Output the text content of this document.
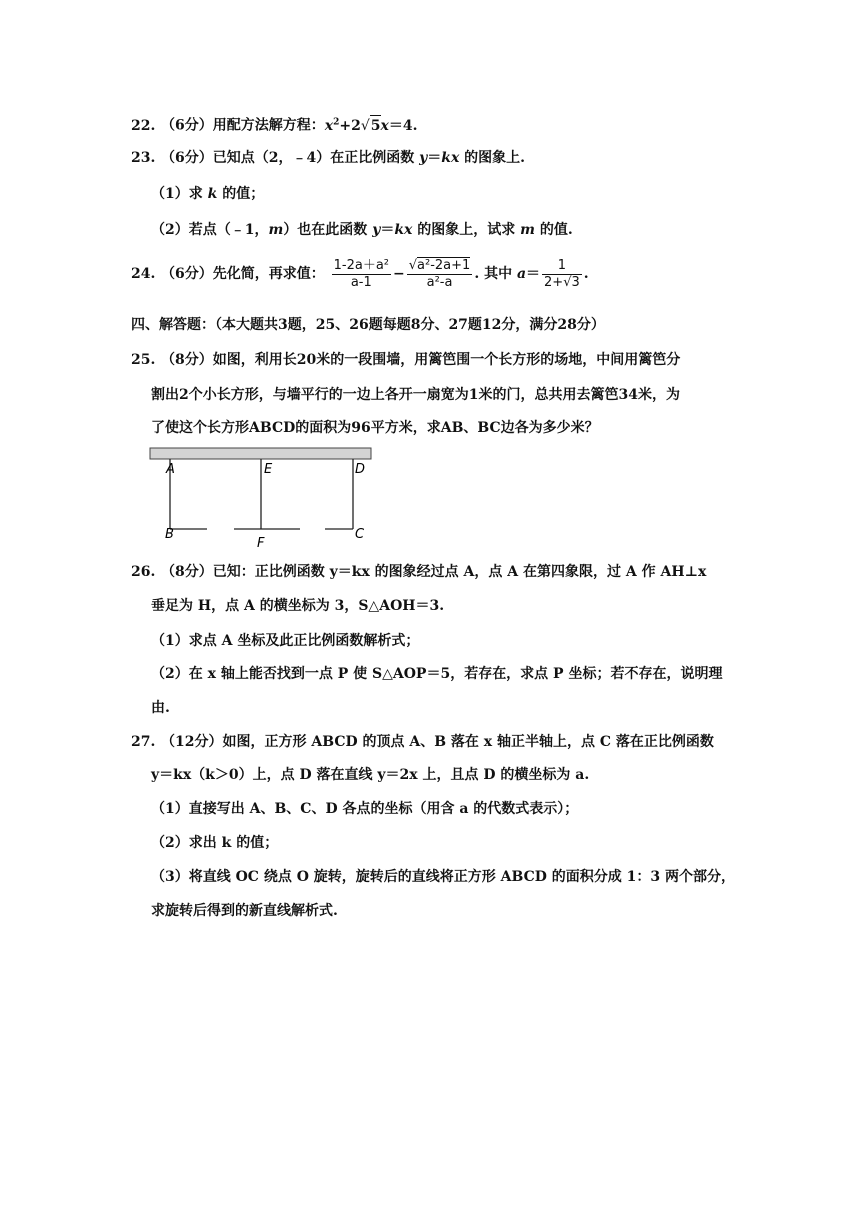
22. （6分）用配方法解方程：$x^2+2√5x=4$.
23. （6分）已知点（2，﹣4）在正比例函数 y＝kx 的图象上.
（1）求 k 的值；
（2）若点（﹣1，m）也在此函数 y＝kx 的图象上，试求 m 的值.
24. （6分）先化简，再求值： $\frac{\text{1-2a＋a²}}{a-1} - \frac{\text{√a²-2a+1}}{\text{a²-a}}$ . 其中 $a= \frac{1}{2+√3}$ .
四、解答题：（本大题共3题，25、26题每题8分、27题12分，满分28分）
25. （8分）如图，利用长20米的一段围墙，用篱笆围一个长方形的场地，中间用篱笆分
割出2个小长方形，与墙平行的一边上各开一扇宽为1米的门，总共用去篱笆34米，为
了使这个长方形ABCD的面积为96平方米，求AB、BC边各为多少米？
A	E	D
B
F
C
26. （8分）已知：正比例函数 y＝kx 的图象经过点 A，点 A 在第四象限，过 A 作 AH⊥x
垂足为 H，点 A 的横坐标为 3，S△AOH＝3.
（1）求点 A 坐标及此正比例函数解析式；
（2）在 x 轴上能否找到一点 P 使 S△AOP＝5，若存在，求点 P 坐标；若不存在，说明理
由.
27. （12分）如图，正方形 ABCD 的顶点 A、B 落在 x 轴正半轴上，点 C 落在正比例函数
y＝kx（k＞0）上，点 D 落在直线 y＝2x 上，且点 D 的横坐标为 a.
（1）直接写出 A、B、C、D 各点的坐标（用含 a 的代数式表示）；
（2）求出 k 的值；
（3）将直线 OC 绕点 O 旋转，旋转后的直线将正方形 ABCD 的面积分成 1：3 两个部分，
求旋转后得到的新直线解析式.
